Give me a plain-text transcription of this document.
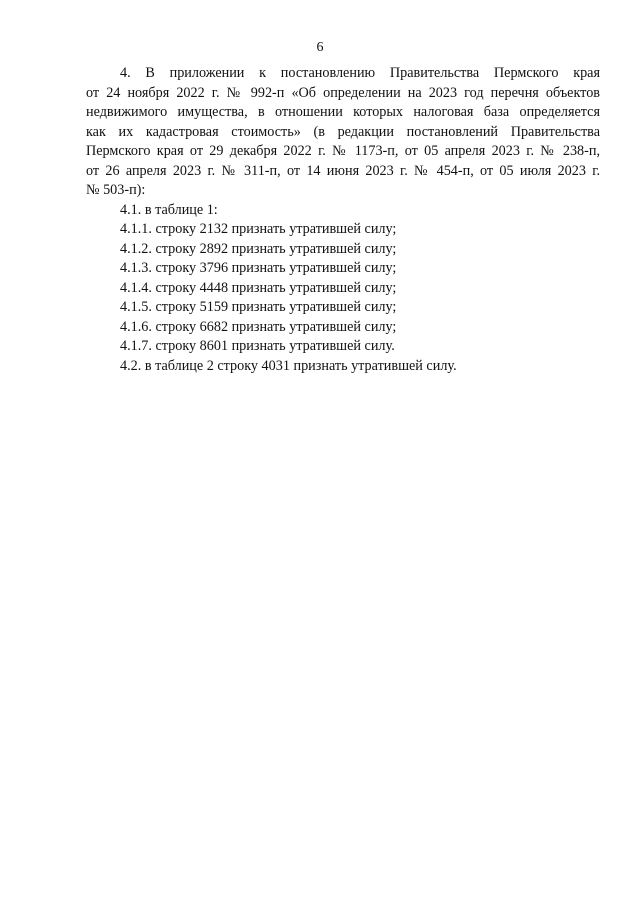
6
4. В приложении к постановлению Правительства Пермского края
от 24 ноября 2022 г. № 992-п «Об определении на 2023 год перечня объектов
недвижимого имущества, в отношении которых налоговая база определяется
как их кадастровая стоимость» (в редакции постановлений Правительства
Пермского края от 29 декабря 2022 г. № 1173-п, от 05 апреля 2023 г. № 238-п,
от 26 апреля 2023 г. № 311-п, от 14 июня 2023 г. № 454-п, от 05 июля 2023 г.
№ 503-п):
4.1. в таблице 1:
4.1.1. строку 2132 признать утратившей силу;
4.1.2. строку 2892 признать утратившей силу;
4.1.3. строку 3796 признать утратившей силу;
4.1.4. строку 4448 признать утратившей силу;
4.1.5. строку 5159 признать утратившей силу;
4.1.6. строку 6682 признать утратившей силу;
4.1.7. строку 8601 признать утратившей силу.
4.2. в таблице 2 строку 4031 признать утратившей силу.
